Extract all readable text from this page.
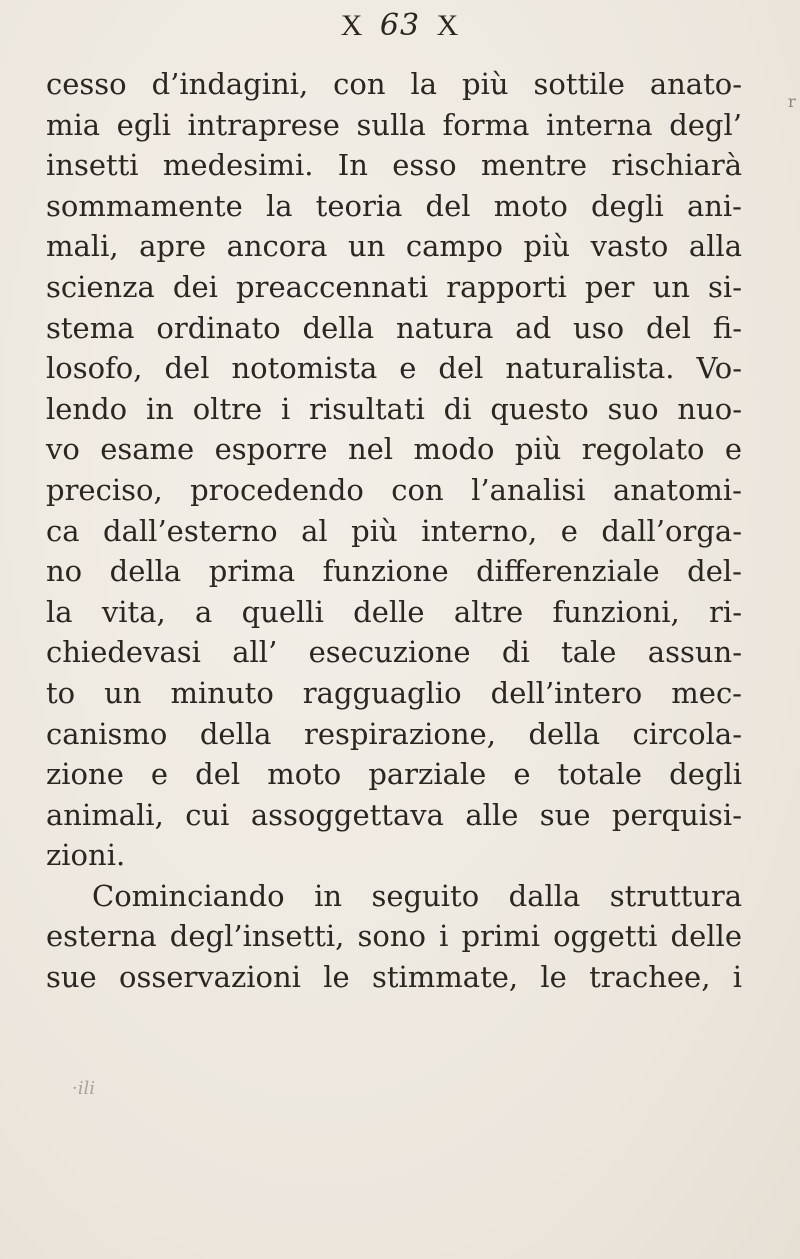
X 63 X
r
cesso d’indagini, con la più sottile anato-
mia egli intraprese sulla forma interna degl’
insetti medesimi. In esso mentre rischiarà
sommamente la teoria del moto degli ani-
mali, apre ancora un campo più vasto alla
scienza dei preaccennati rapporti per un si-
stema ordinato della natura ad uso del fi-
losofo, del notomista e del naturalista. Vo-
lendo in oltre i risultati di questo suo nuo-
vo esame esporre nel modo più regolato e
preciso, procedendo con l’analisi anatomi-
ca dall’esterno al più interno, e dall’orga-
no della prima funzione differenziale del-
la vita, a quelli delle altre funzioni, ri-
chiedevasi all’ esecuzione di tale assun-
to un minuto ragguaglio dell’intero mec-
canismo della respirazione, della circola-
zione e del moto parziale e totale degli
animali, cui assoggettava alle sue perquisi-
zioni.
Cominciando in seguito dalla struttura
esterna degl’insetti, sono i primi oggetti delle
sue osservazioni le stimmate, le trachee, i
·ili
